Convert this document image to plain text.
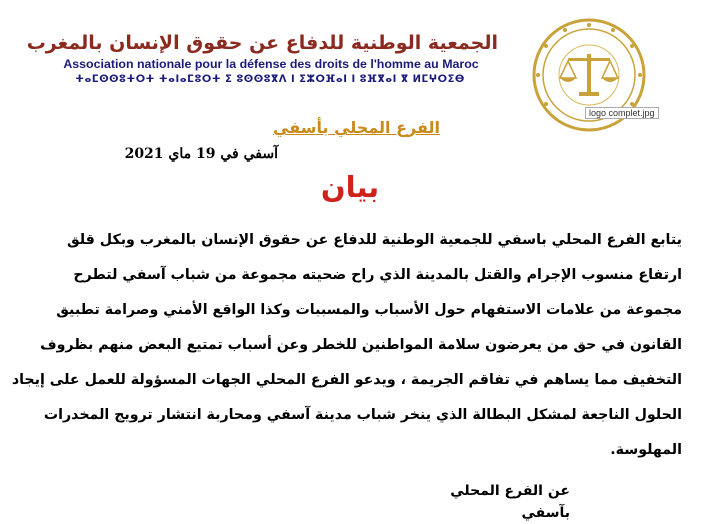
الجمعية الوطنية للدفاع عن حقوق الإنسان بالمغرب
Association nationale pour la défense des droits de l'homme au Maroc
ⵜⴰⵎⵙⵙⵓⵜⵔⵜ ⵜⴰⵏⴰⵎⵓⵔⵜ ⵉ ⵓⵙⵙⵓⴳⴷ ⵏ ⵉⵣⵔⴼⴰⵏ ⵏ ⵓⴼⴳⴰⵏ ⴳ ⵍⵎⵖⵔⵉⴱ
logo complet.jpg
الفرع المحلي بأسفي
آسفي في 19 ماي 2021
بيان
يتابع الفرع المحلي باسفي للجمعية الوطنية للدفاع عن حقوق الإنسان بالمغرب وبكل قلق
ارتفاع منسوب الإجرام والقتل بالمدينة الذي راح ضحيته مجموعة من شباب آسفي لتطرح
مجموعة من علامات الاستفهام حول الأسباب والمسببات وكذا الواقع الأمني وصرامة تطبيق
القانون في حق من يعرضون سلامة المواطنين للخطر وعن أسباب تمتيع البعض منهم بظروف
التخفيف مما يساهم في تفاقم الجريمة ، ويدعو الفرع المحلي الجهات المسؤولة للعمل على إيجاد
الحلول الناجعة لمشكل البطالة الذي ينخر شباب مدينة آسفي ومحاربة انتشار ترويج المخدرات
المهلوسة.
عن الفرع المحلي بآسفي
